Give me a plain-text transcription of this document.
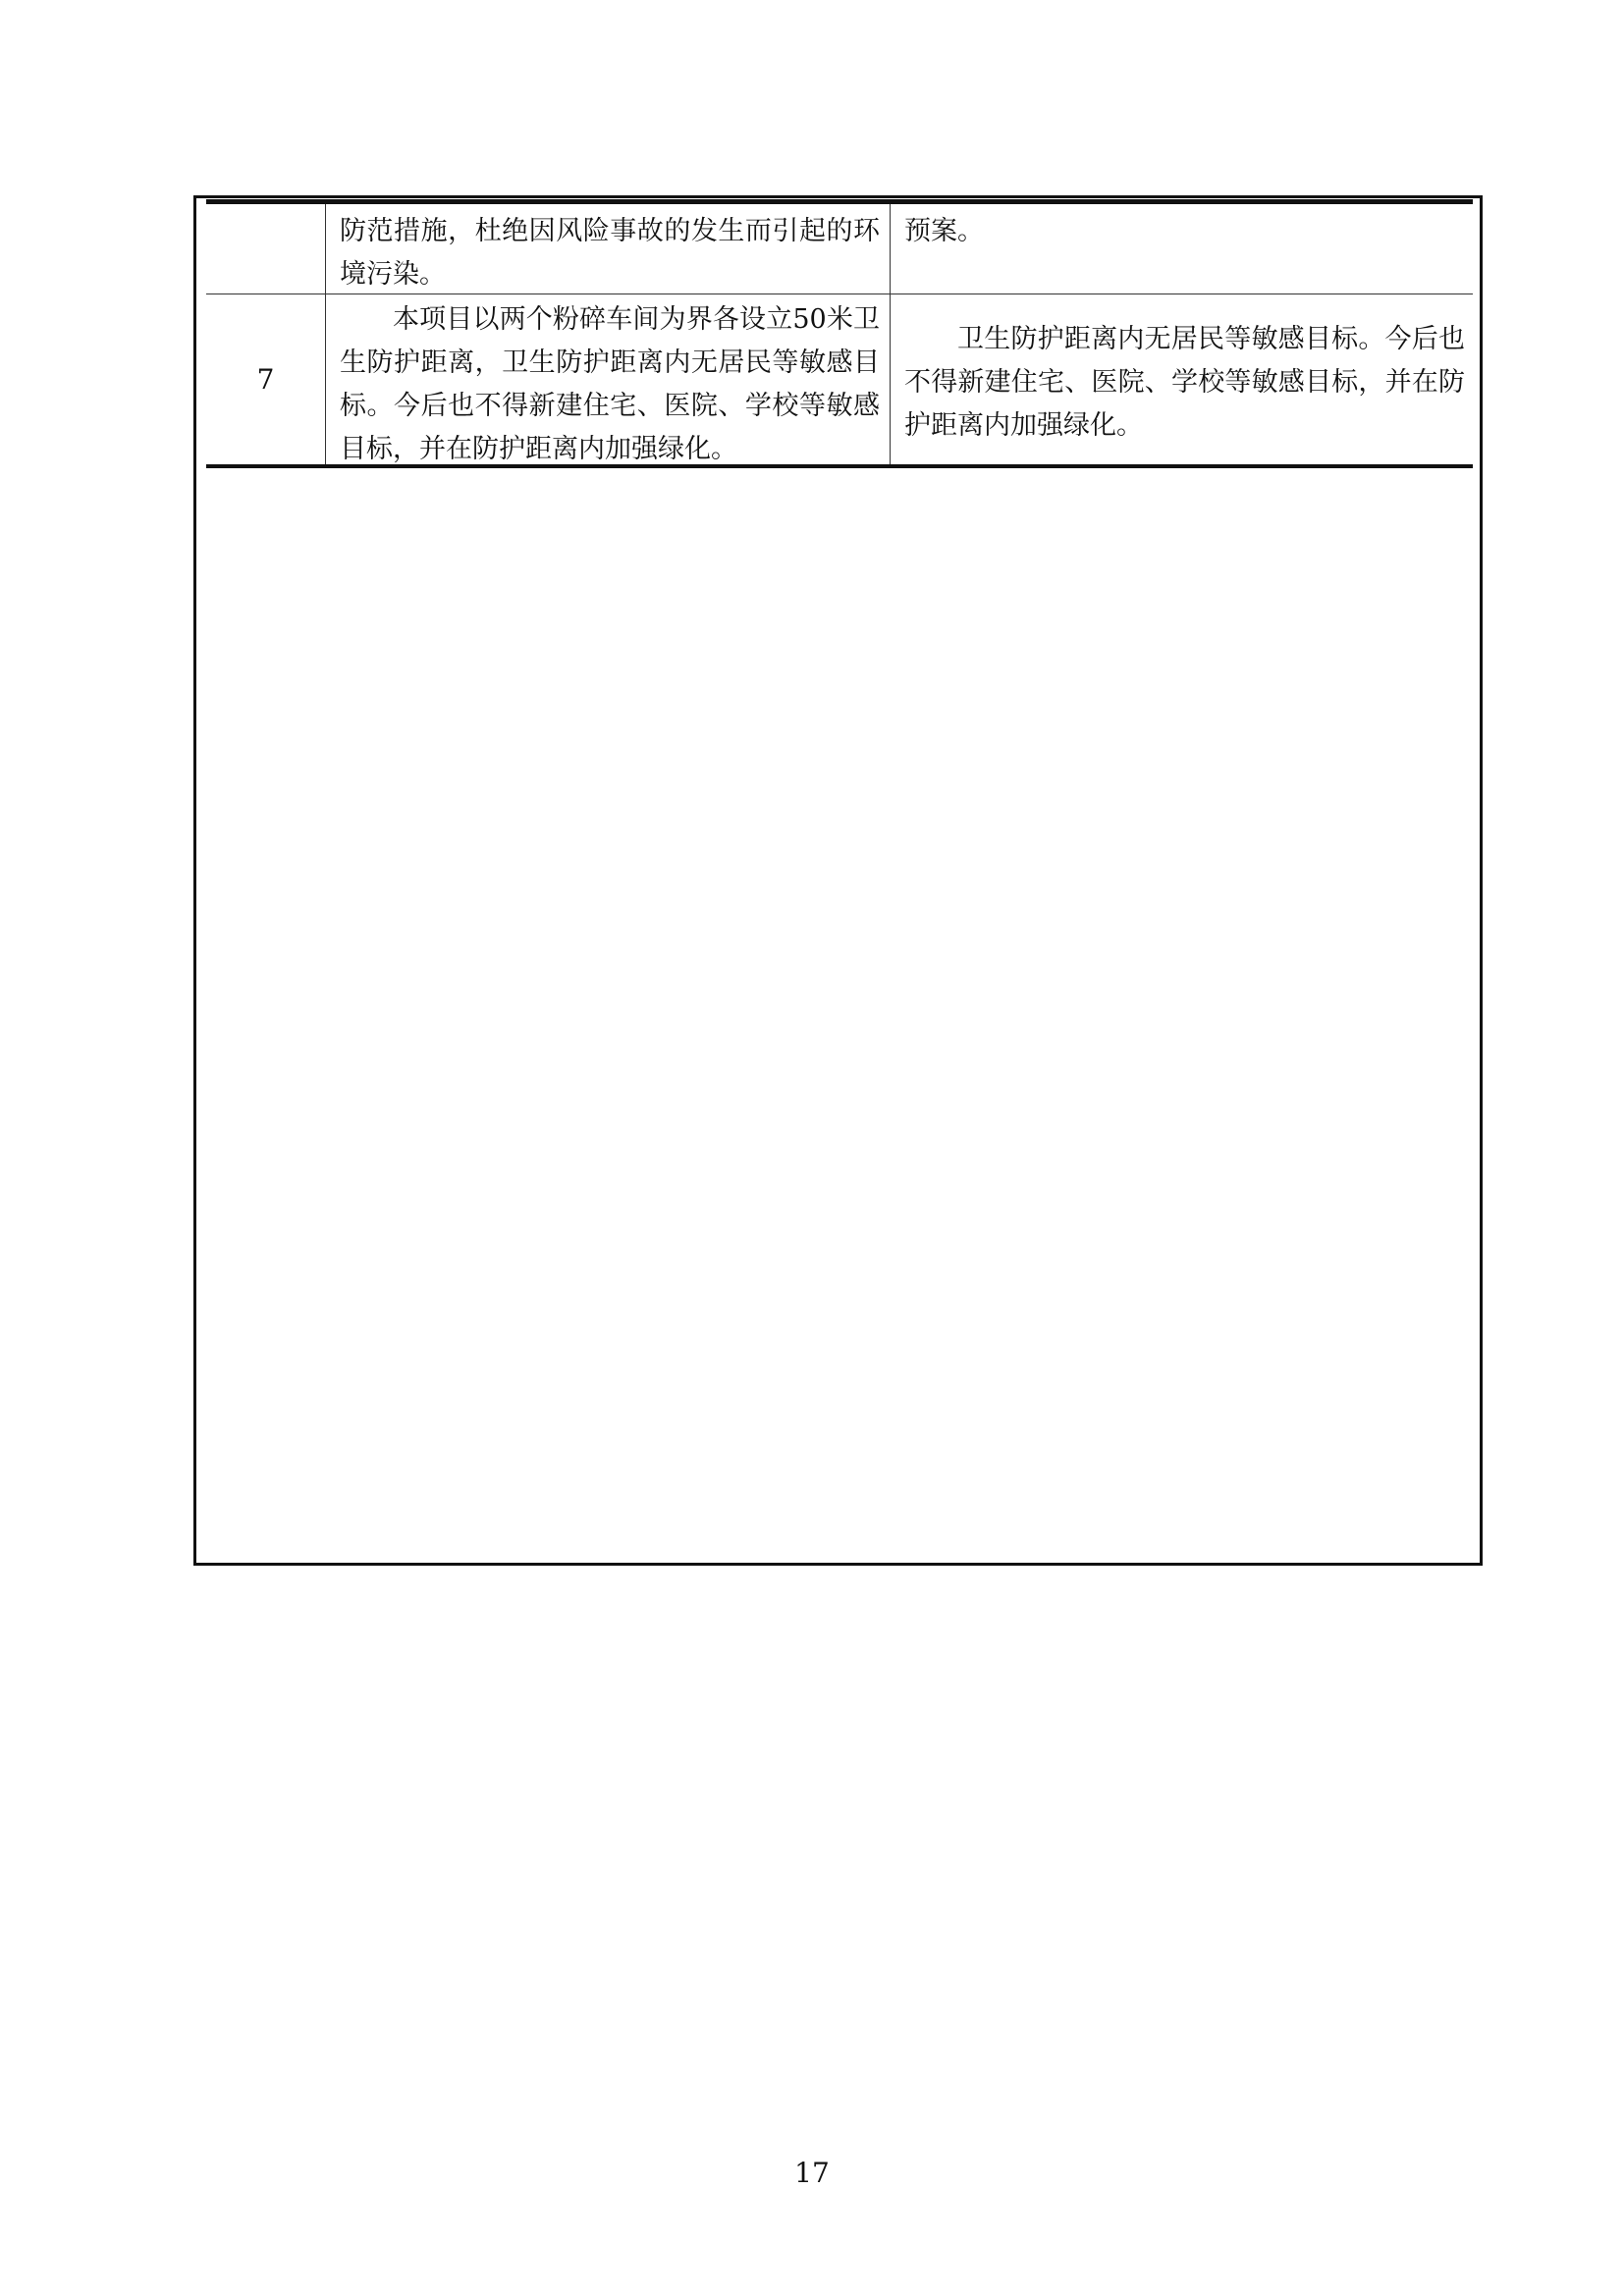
防范措施，杜绝因风险事故的发生而引起的环境污染。

预案。

7

本项目以两个粉碎车间为界各设立50米卫生防护距离，卫生防护距离内无居民等敏感目标。今后也不得新建住宅、医院、学校等敏感目标，并在防护距离内加强绿化。

卫生防护距离内无居民等敏感目标。今后也不得新建住宅、医院、学校等敏感目标，并在防护距离内加强绿化。

17
